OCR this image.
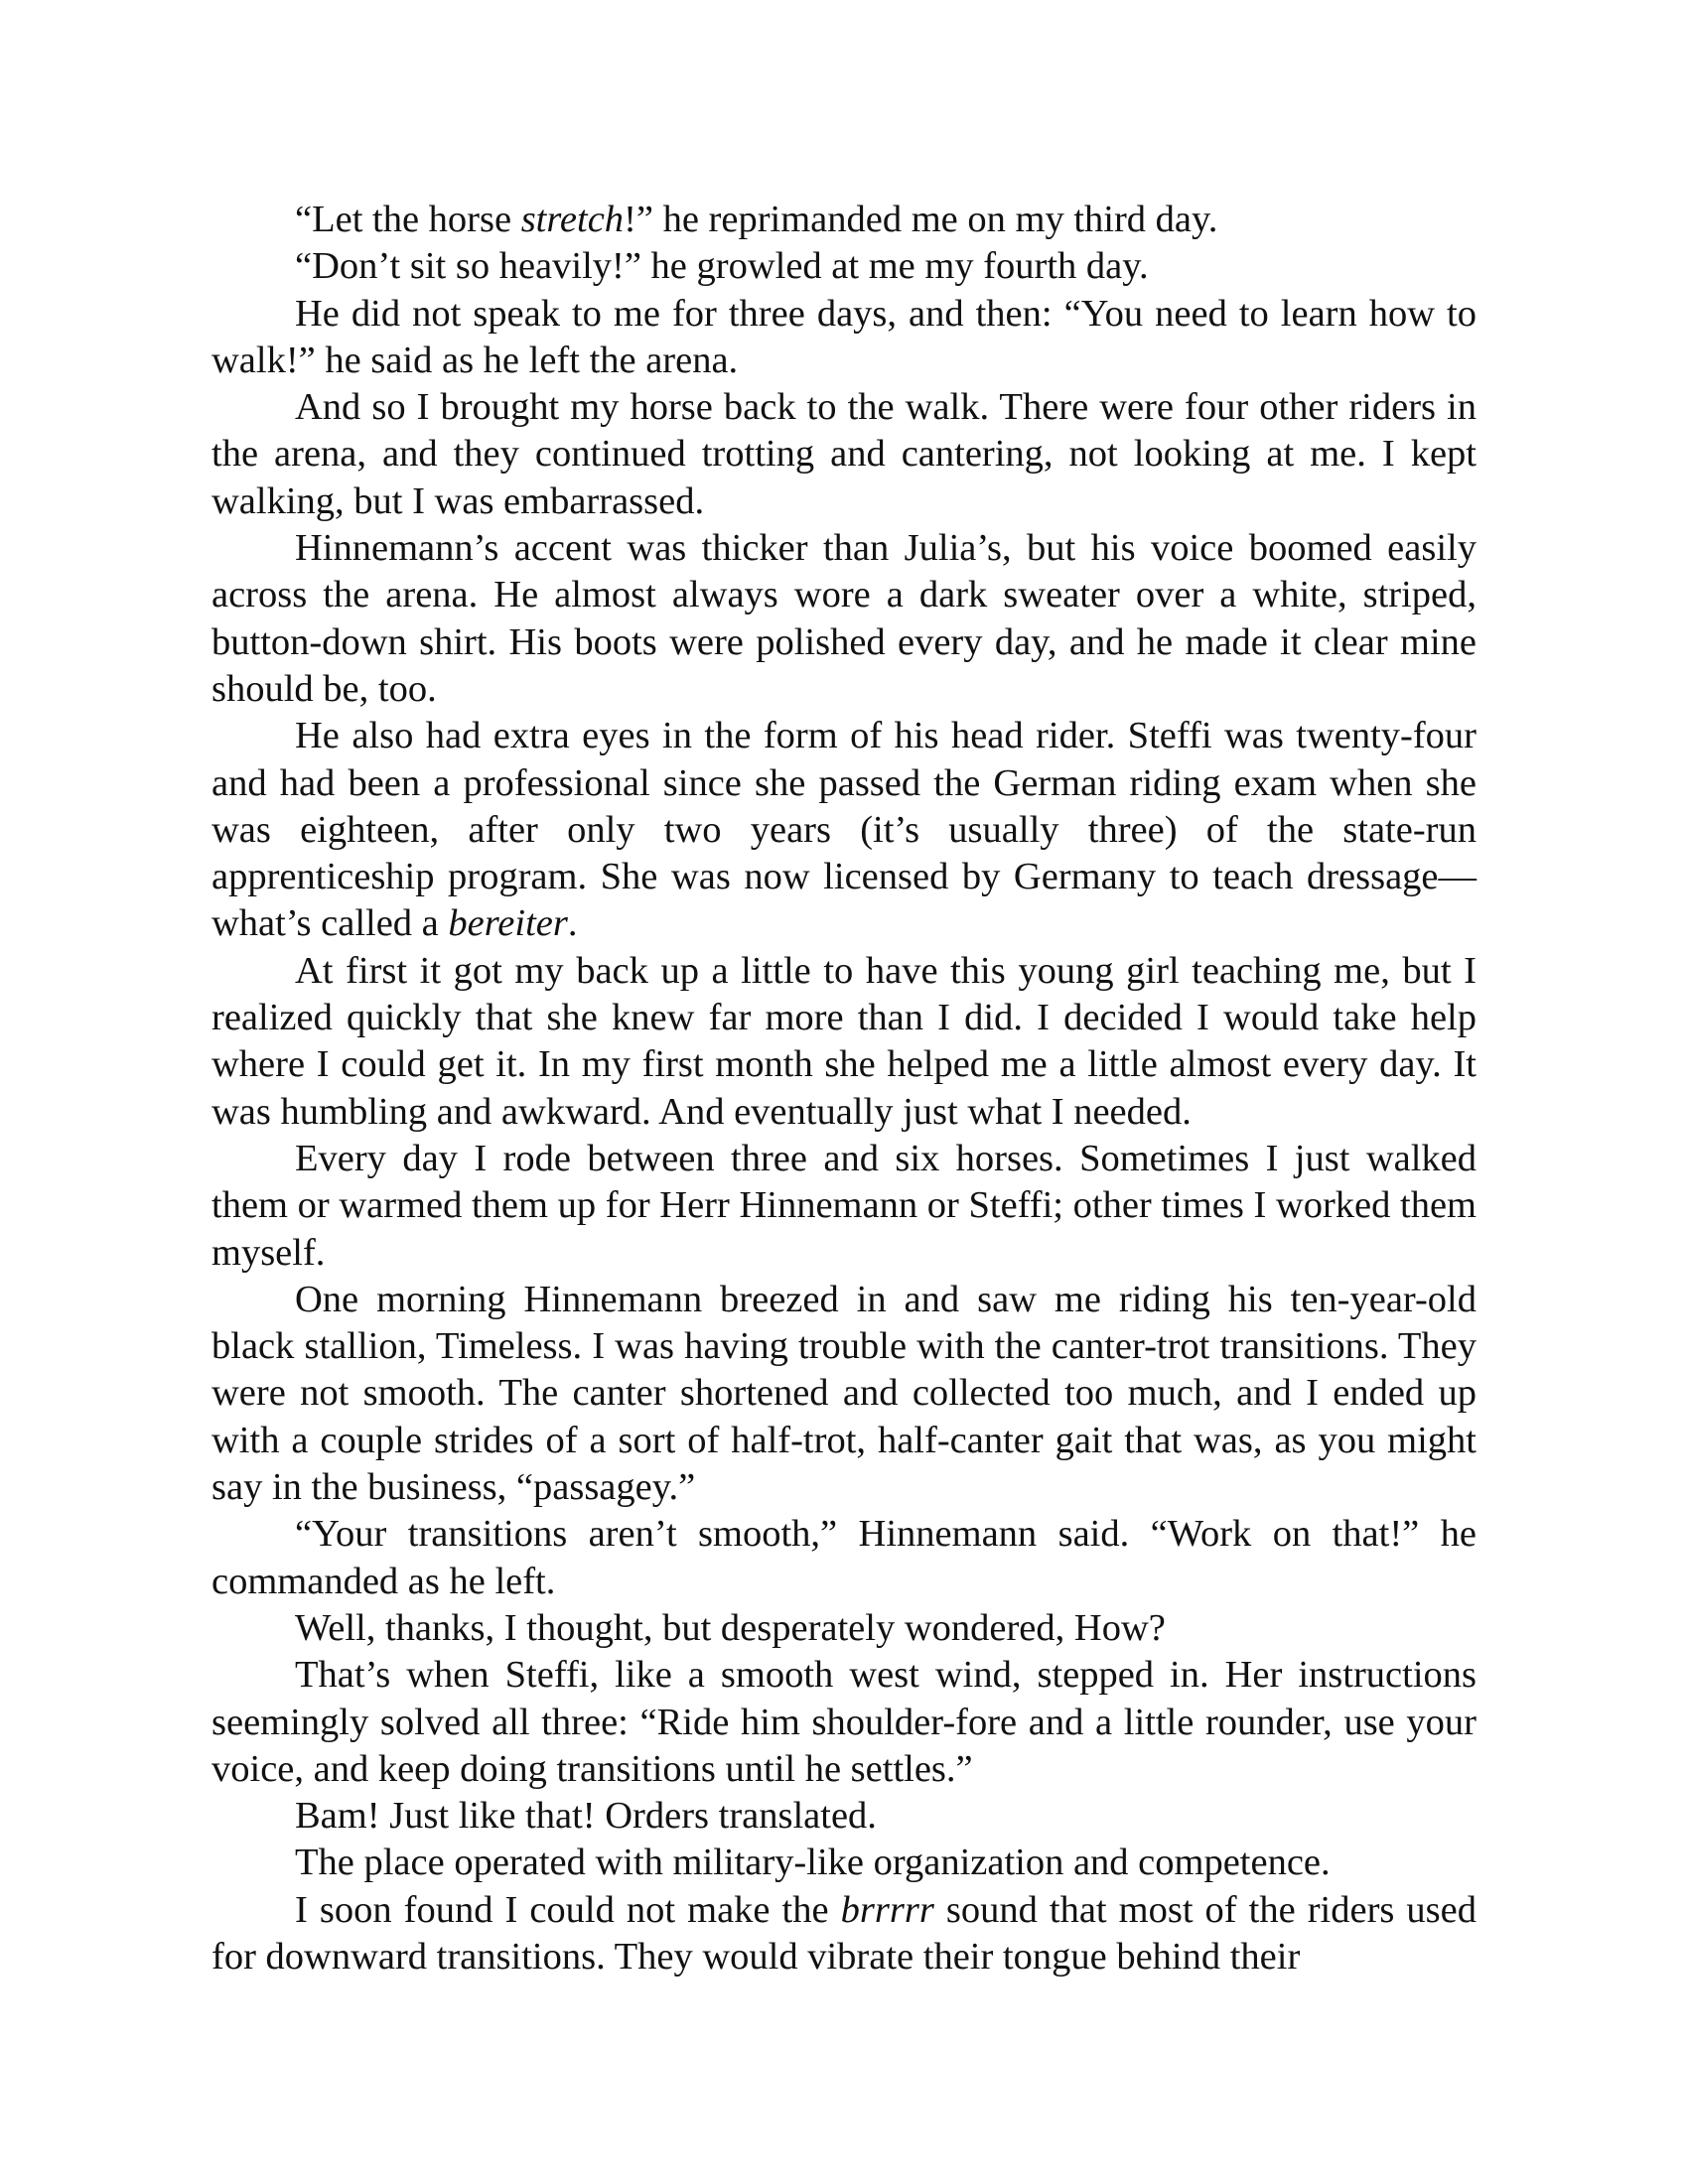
“Let the horse stretch!” he reprimanded me on my third day.

“Don’t sit so heavily!” he growled at me my fourth day.

He did not speak to me for three days, and then: “You need to learn how to walk!” he said as he left the arena.

And so I brought my horse back to the walk. There were four other riders in the arena, and they continued trotting and cantering, not looking at me. I kept walking, but I was embarrassed.

Hinnemann’s accent was thicker than Julia’s, but his voice boomed easily across the arena. He almost always wore a dark sweater over a white, striped, button-down shirt. His boots were polished every day, and he made it clear mine should be, too.

He also had extra eyes in the form of his head rider. Steffi was twenty-four and had been a professional since she passed the German riding exam when she was eighteen, after only two years (it’s usually three) of the state-run apprenticeship program. She was now licensed by Germany to teach dressage—what’s called a bereiter.

At first it got my back up a little to have this young girl teaching me, but I realized quickly that she knew far more than I did. I decided I would take help where I could get it. In my first month she helped me a little almost every day. It was humbling and awkward. And eventually just what I needed.

Every day I rode between three and six horses. Sometimes I just walked them or warmed them up for Herr Hinnemann or Steffi; other times I worked them myself.

One morning Hinnemann breezed in and saw me riding his ten-year-old black stallion, Timeless. I was having trouble with the canter-trot transitions. They were not smooth. The canter shortened and collected too much, and I ended up with a couple strides of a sort of half-trot, half-canter gait that was, as you might say in the business, “passagey.”

“Your transitions aren’t smooth,” Hinnemann said. “Work on that!” he commanded as he left.

Well, thanks, I thought, but desperately wondered, How?

That’s when Steffi, like a smooth west wind, stepped in. Her instructions seemingly solved all three: “Ride him shoulder-fore and a little rounder, use your voice, and keep doing transitions until he settles.”

Bam! Just like that! Orders translated.

The place operated with military-like organization and competence.

I soon found I could not make the brrrrr sound that most of the riders used for downward transitions. They would vibrate their tongue behind their
